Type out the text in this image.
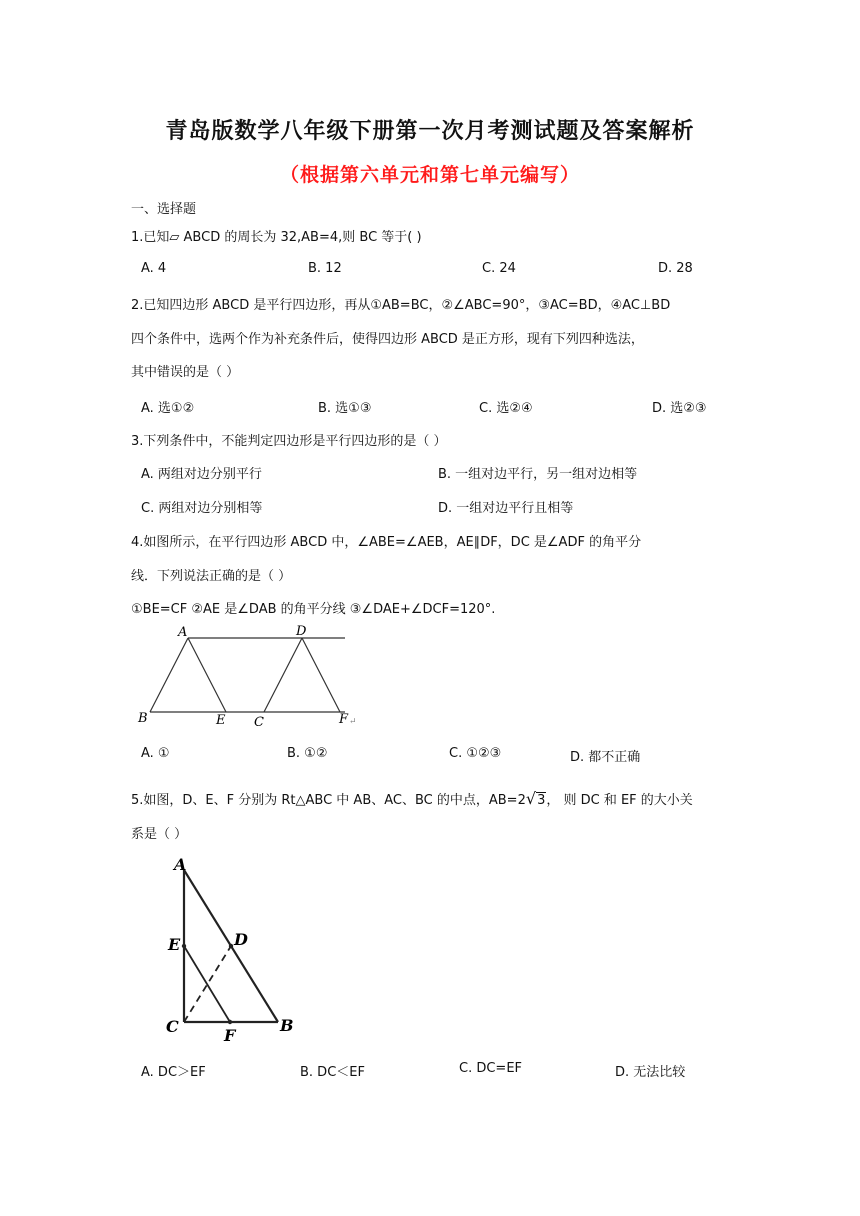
青岛版数学八年级下册第一次月考测试题及答案解析
（根据第六单元和第七单元编写）
一、选择题
1.已知▱ ABCD 的周长为 32,AB=4,则 BC 等于( )
A. 4	B. 12	C. 24	D. 28
2.已知四边形 ABCD 是平行四边形，再从①AB=BC，②∠ABC=90°，③AC=BD，④AC⊥BD
四个条件中，选两个作为补充条件后，使得四边形 ABCD 是正方形，现有下列四种选法，
其中错误的是（ ）
A. 选①②	B. 选①③	C. 选②④	D. 选②③
3.下列条件中，不能判定四边形是平行四边形的是（ ）
A. 两组对边分别平行	B. 一组对边平行，另一组对边相等
C. 两组对边分别相等	D. 一组对边平行且相等
4.如图所示，在平行四边形 ABCD 中，∠ABE=∠AEB，AE∥DF，DC 是∠ADF 的角平分
线．下列说法正确的是（ ）
①BE=CF ②AE 是∠DAB 的角平分线 ③∠DAE+∠DCF=120°.
A	D
B	E C	F ↵
A. ①	B. ①②	C. ①②③	D. 都不正确
5.如图，D、E、F 分别为 Rt△ABC 中 AB、AC、BC 的中点，AB=2√3， 则 DC 和 EF 的大小关
系是（ ）
A
E	D
C	F
B
A. DC＞EF	B. DC＜EF	C. DC=EF	D. 无法比较
